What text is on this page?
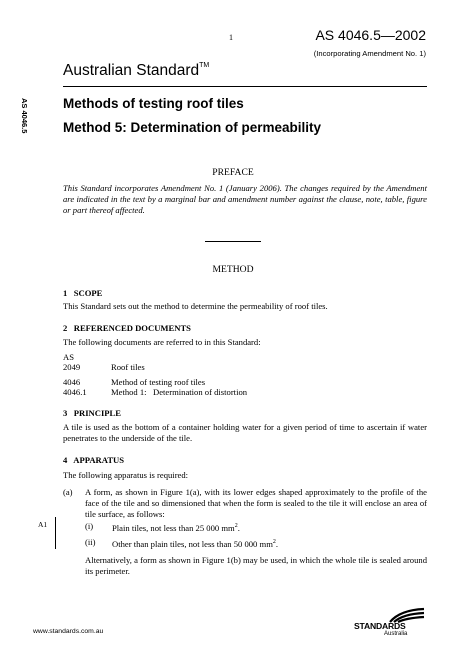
1	AS 4046.5—2002
(Incorporating Amendment No. 1)
Australian Standard™
AS 4046.5	Methods of testing roof tiles
Method 5: Determination of permeability
PREFACE
This Standard incorporates Amendment No. 1 (January 2006). The changes required by the Amendment are indicated in the text by a marginal bar and amendment number against the clause, note, table, figure or part thereof affected.
METHOD
1   SCOPE
This Standard sets out the method to determine the permeability of roof tiles.
2   REFERENCED DOCUMENTS
The following documents are referred to in this Standard:
AS
2049	Roof tiles
4046	Method of testing roof tiles
4046.1	Method 1:   Determination of distortion
3   PRINCIPLE
A tile is used as the bottom of a container holding water for a given period of time to ascertain if water penetrates to the underside of the tile.
4   APPARATUS
The following apparatus is required:
(a) A form, as shown in Figure 1(a), with its lower edges shaped approximately to the profile of the face of the tile and so dimensioned that when the form is sealed to the tile it will enclose an area of tile surface, as follows:
A1	(i) Plain tiles, not less than 25 000 $mm^2$.
(ii) Other than plain tiles, not less than 50 000 $mm^2$.
Alternatively, a form as shown in Figure 1(b) may be used, in which the whole tile is sealed around its perimeter.
www.standards.com.au
STANDARDS
Australia
